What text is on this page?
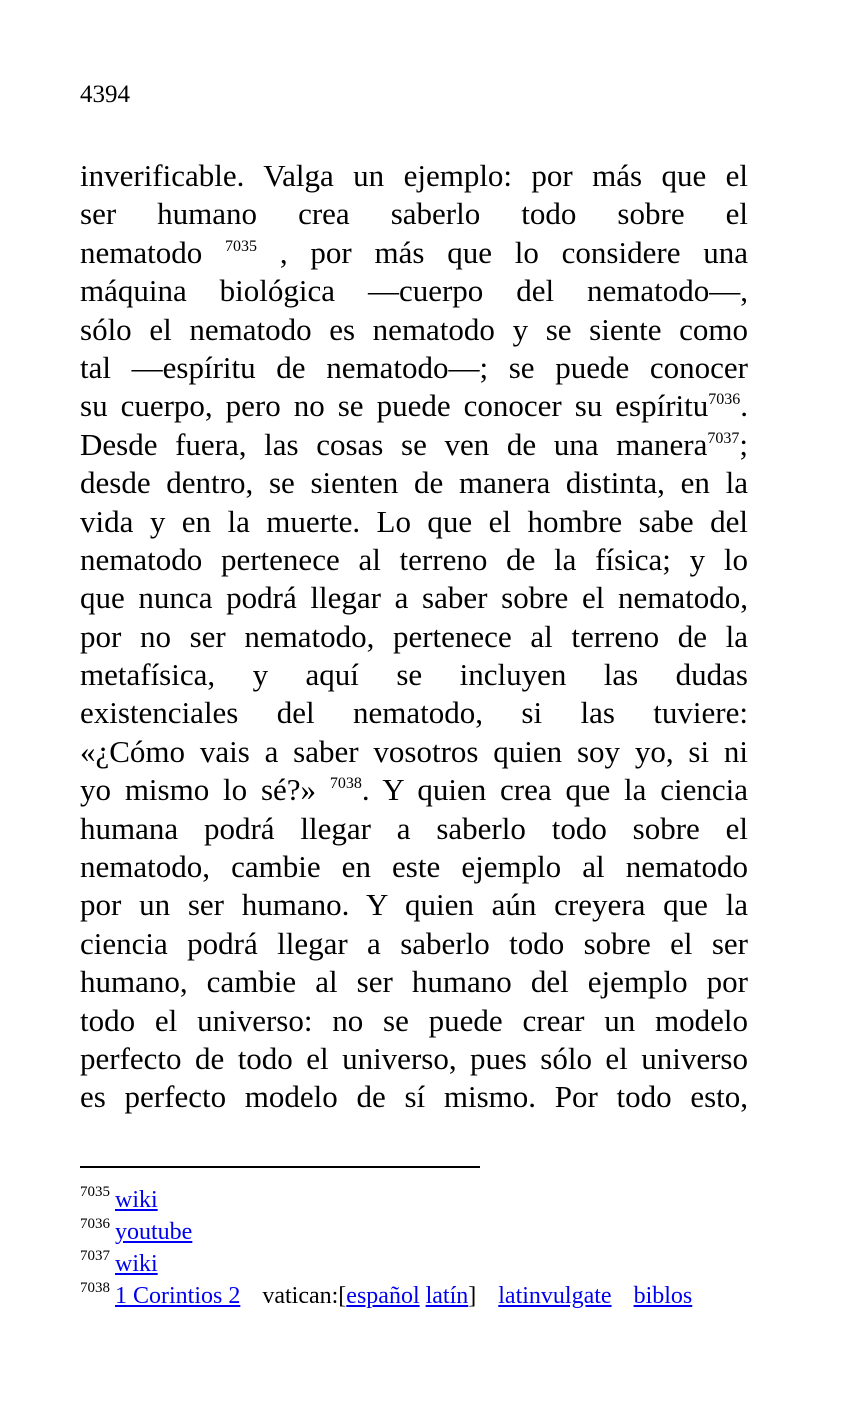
4394
inverificable. Valga un ejemplo: por más que el
ser humano crea saberlo todo sobre el
nematodo $^{7035}$ , por más que lo considere una
máquina biológica —cuerpo del nematodo—,
sólo el nematodo es nematodo y se siente como
tal —espíritu de nematodo—; se puede conocer
su cuerpo, pero no se puede conocer su espíritu$^{7036}$.
Desde fuera, las cosas se ven de una manera$^{7037}$;
desde dentro, se sienten de manera distinta, en la
vida y en la muerte. Lo que el hombre sabe del
nematodo pertenece al terreno de la física; y lo
que nunca podrá llegar a saber sobre el nematodo,
por no ser nematodo, pertenece al terreno de la
metafísica, y aquí se incluyen las dudas
existenciales del nematodo, si las tuviere:
«¿Cómo vais a saber vosotros quien soy yo, si ni
yo mismo lo sé?» $^{7038}$. Y quien crea que la ciencia
humana podrá llegar a saberlo todo sobre el
nematodo, cambie en este ejemplo al nematodo
por un ser humano. Y quien aún creyera que la
ciencia podrá llegar a saberlo todo sobre el ser
humano, cambie al ser humano del ejemplo por
todo el universo: no se puede crear un modelo
perfecto de todo el universo, pues sólo el universo
es perfecto modelo de sí mismo. Por todo esto,
$^{7035}$ wiki
$^{7036}$ youtube
$^{7037}$ wiki
$^{7038}$ 1 Corintios 2 vatican:[español latín] latinvulgate biblos
